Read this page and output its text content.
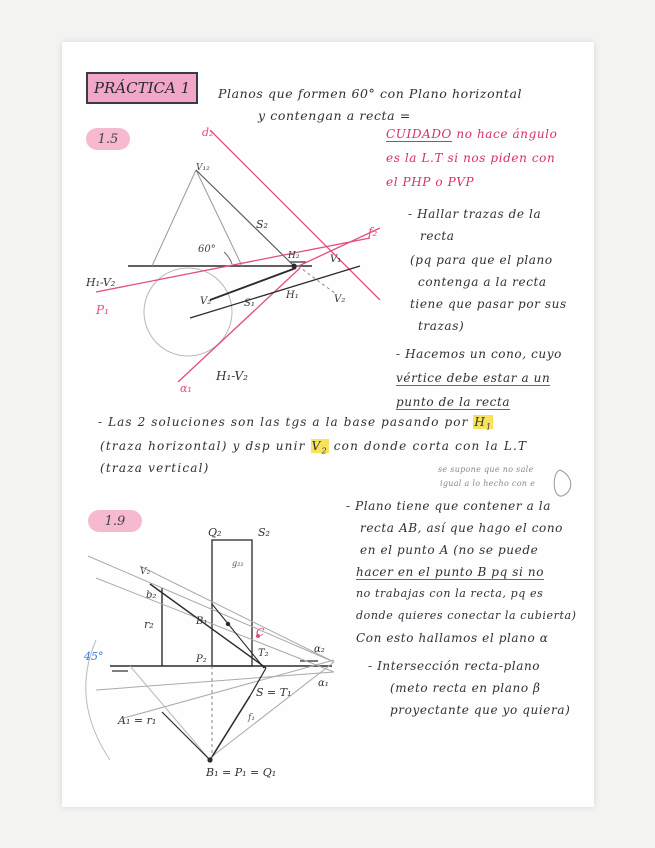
PRÁCTICA 1	Planos que formen 60° con Plano horizontal
y contengan a recta =
1.5	CUIDADO no hace ángulo
es la L.T si nos piden con
el PHP o PVP
- Hallar trazas de la
recta
(pq para que el plano
contenga a la recta
tiene que pasar por sus
trazas)
- Hacemos un cono, cuyo
vértice debe estar a un
punto de la recta
- Las 2 soluciones son las tgs a la base pasando por $H_1$
(traza horizontal) y dsp unir $V_2$ con donde corta con la L.T
(traza vertical)	se supone que no sale
igual a lo hecho con e
1.9
- Plano tiene que contener a la
recta AB, así que hago el cono
en el punto A (no se puede
hacer en el punto B pq si no
no trabajas con la recta, pq es
donde quieres conectar la cubierta)
Con esto hallamos el plano α
- Intersección recta-plano
(meto recta en plano β
proyectante que yo quiera)
d₂
V₁₂
60°
S₂
H₂	V₁
f₂
H₁-V₂
V₂	S₁
H₁	V₂
P₁
α₁
H₁-V₂
Q₂	S₂
g₂₂
V₂
b₂
r₂	B₁
C
T₂	α₂
α₁
P₂
45°
S = T₁
A₁ = r₁	f₁
B₁ = P₁ = Q₁
